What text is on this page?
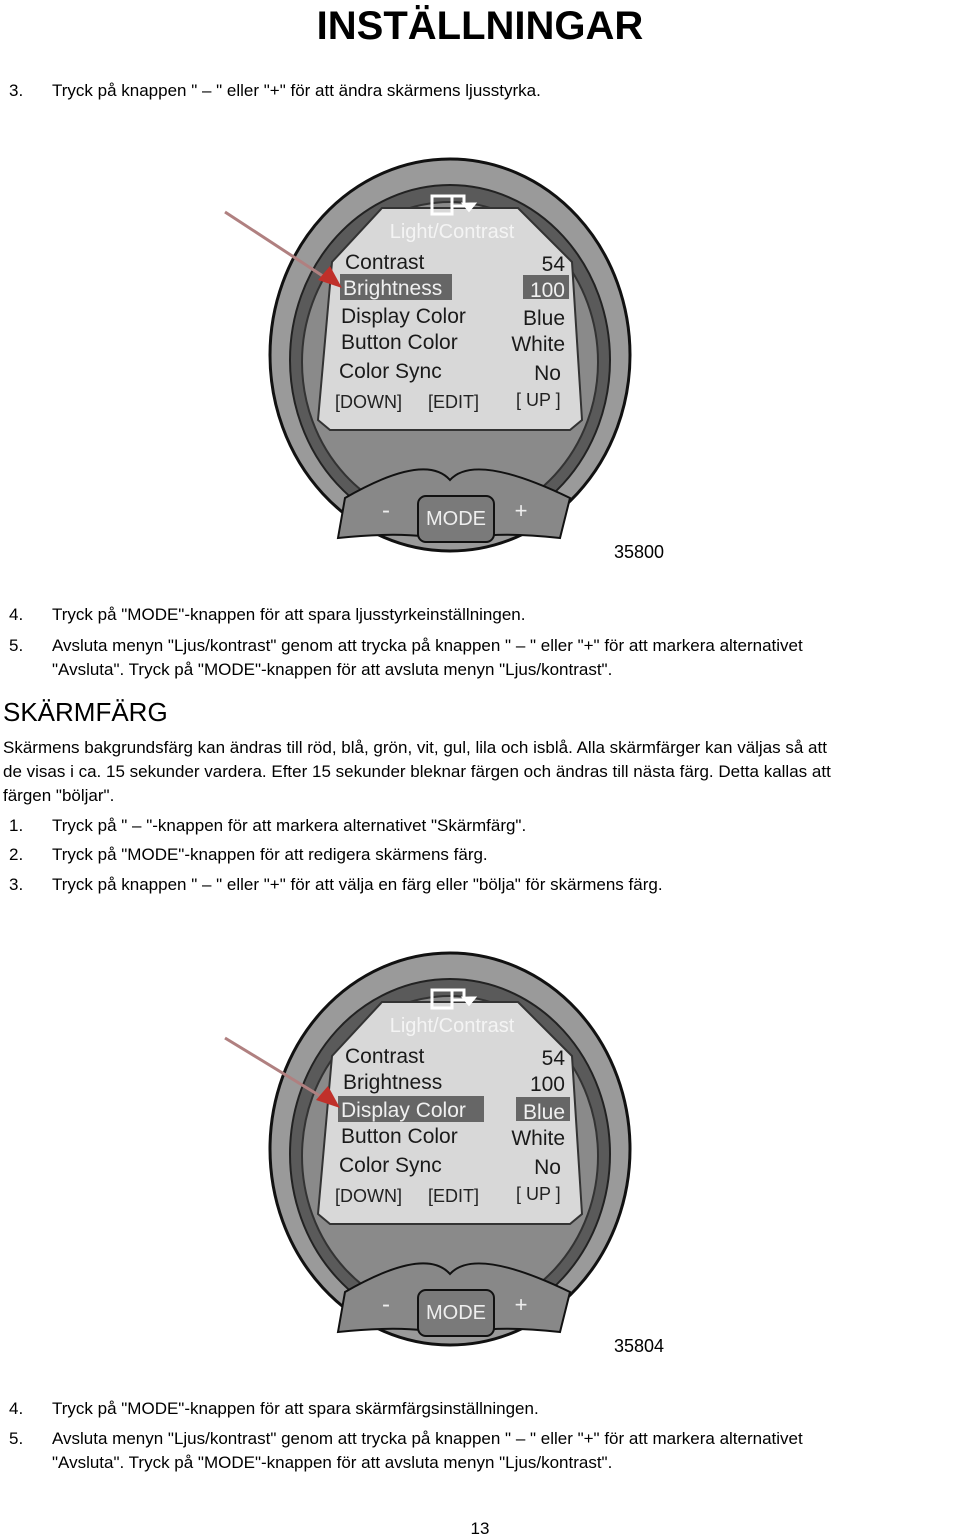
INSTÄLLNINGAR
3. Tryck på knappen " – " eller "+" för att ändra skärmens ljusstyrka.
Light/Contrast
Contrast	54
Brightness	100
Display Color	Blue
Button Color	White
Color Sync	No
[DOWN] [EDIT] [ UP ]
MODE
-	+
35800
4. Tryck på "MODE"-knappen för att spara ljusstyrkeinställningen.
5. Avsluta menyn "Ljus/kontrast" genom att trycka på knappen " – " eller "+" för att markera alternativet
"Avsluta". Tryck på "MODE"-knappen för att avsluta menyn "Ljus/kontrast".
SKÄRMFÄRG
Skärmens bakgrundsfärg kan ändras till röd, blå, grön, vit, gul, lila och isblå. Alla skärmfärger kan väljas så att
de visas i ca. 15 sekunder vardera. Efter 15 sekunder bleknar färgen och ändras till nästa färg. Detta kallas att
färgen "böljar".
1. Tryck på " – "-knappen för att markera alternativet "Skärmfärg".
2. Tryck på "MODE"-knappen för att redigera skärmens färg.
3. Tryck på knappen " – " eller "+" för att välja en färg eller "bölja" för skärmens färg.
Light/Contrast
Contrast	54
Brightness	100
Display Color	Blue
Button Color	White
Color Sync	No
[DOWN] [EDIT] [ UP ]
MODE
-	+
35804
4. Tryck på "MODE"-knappen för att spara skärmfärgsinställningen.
5. Avsluta menyn "Ljus/kontrast" genom att trycka på knappen " – " eller "+" för att markera alternativet
"Avsluta". Tryck på "MODE"-knappen för att avsluta menyn "Ljus/kontrast".
13
